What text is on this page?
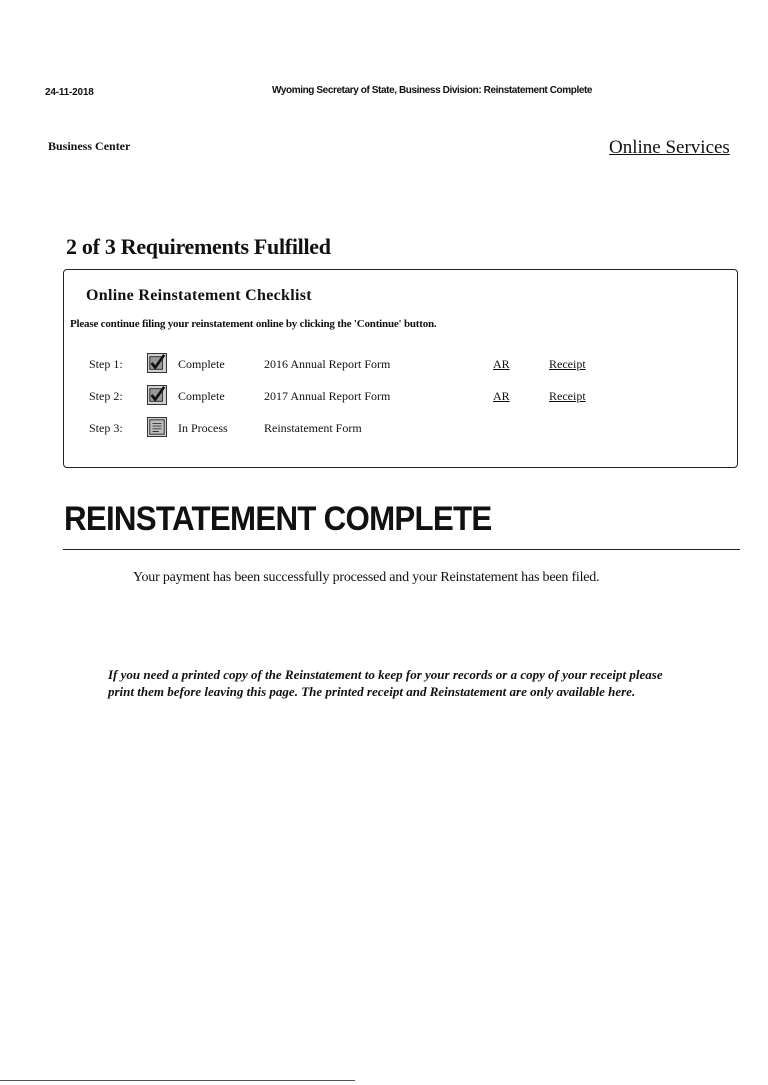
24-11-2018	Wyoming Secretary of State, Business Division: Reinstatement Complete
Business Center	Online Services
2 of 3 Requirements Fulfilled
Online Reinstatement Checklist
Please continue filing your reinstatement online by clicking the 'Continue' button.
Step 1:	Complete	2016 Annual Report Form	AR	Receipt
Step 2:	Complete	2017 Annual Report Form	AR	Receipt
Step 3:	In Process	Reinstatement Form
REINSTATEMENT COMPLETE
Your payment has been successfully processed and your Reinstatement has been filed.
If you need a printed copy of the Reinstatement to keep for your records or a copy of your receipt please print them before leaving this page. The printed receipt and Reinstatement are only available here.
